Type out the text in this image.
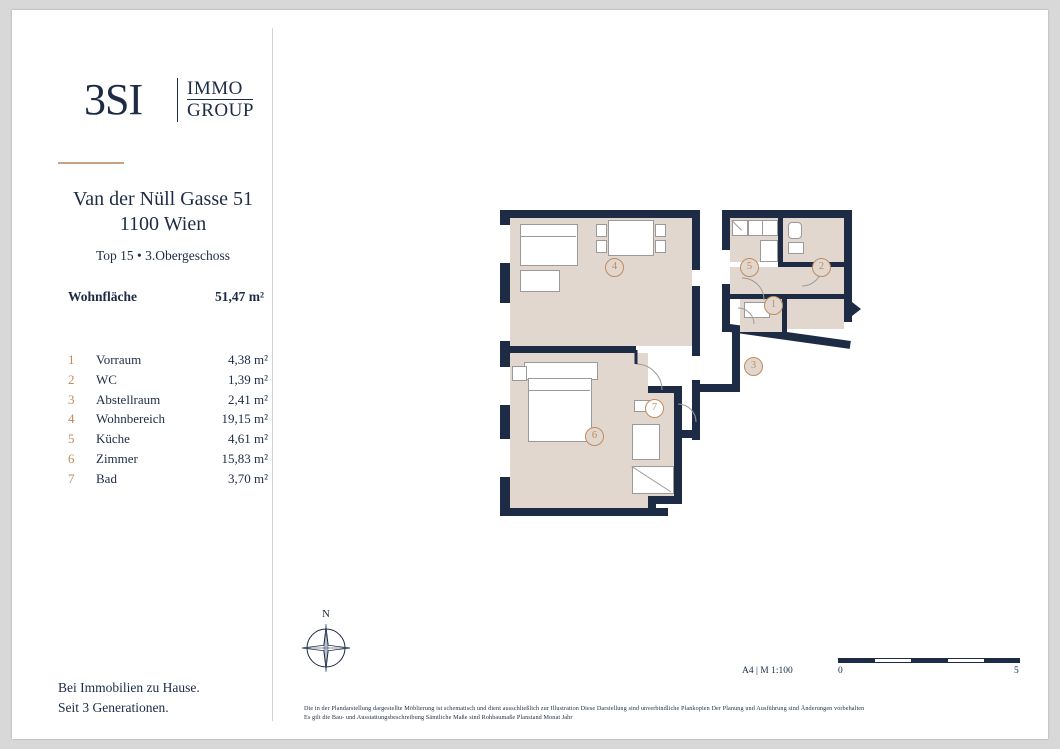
3SI IMMO
GROUP
Van der Nüll Gasse 51
1100 Wien
Top 15 • 3.Obergeschoss
Wohnfläche	51,47 m²
1	Vorraum	4,38 m²
2	WC	1,39 m²
3	Abstellraum	2,41 m²
4	Wohnbereich	19,15 m²
5	Küche	4,61 m²
6	Zimmer	15,83 m²
7	Bad	3,70 m²
Bei Immobilien zu Hause.
Seit 3 Generationen.
4
6
5	2
1
3
7
N
A4 | M 1:100	0	5
Die in der Plandarstellung dargestellte Möblierung ist schematisch und dient ausschließlich zur Illustration Diese Darstellung sind unverbindliche Plankopien Der Planung und Ausführung sind Änderungen vorbehalten
Es gilt die Bau- und Ausstattungsbeschreibung Sämtliche Maße sind Rohbaumaße Planstand Monat Jahr
